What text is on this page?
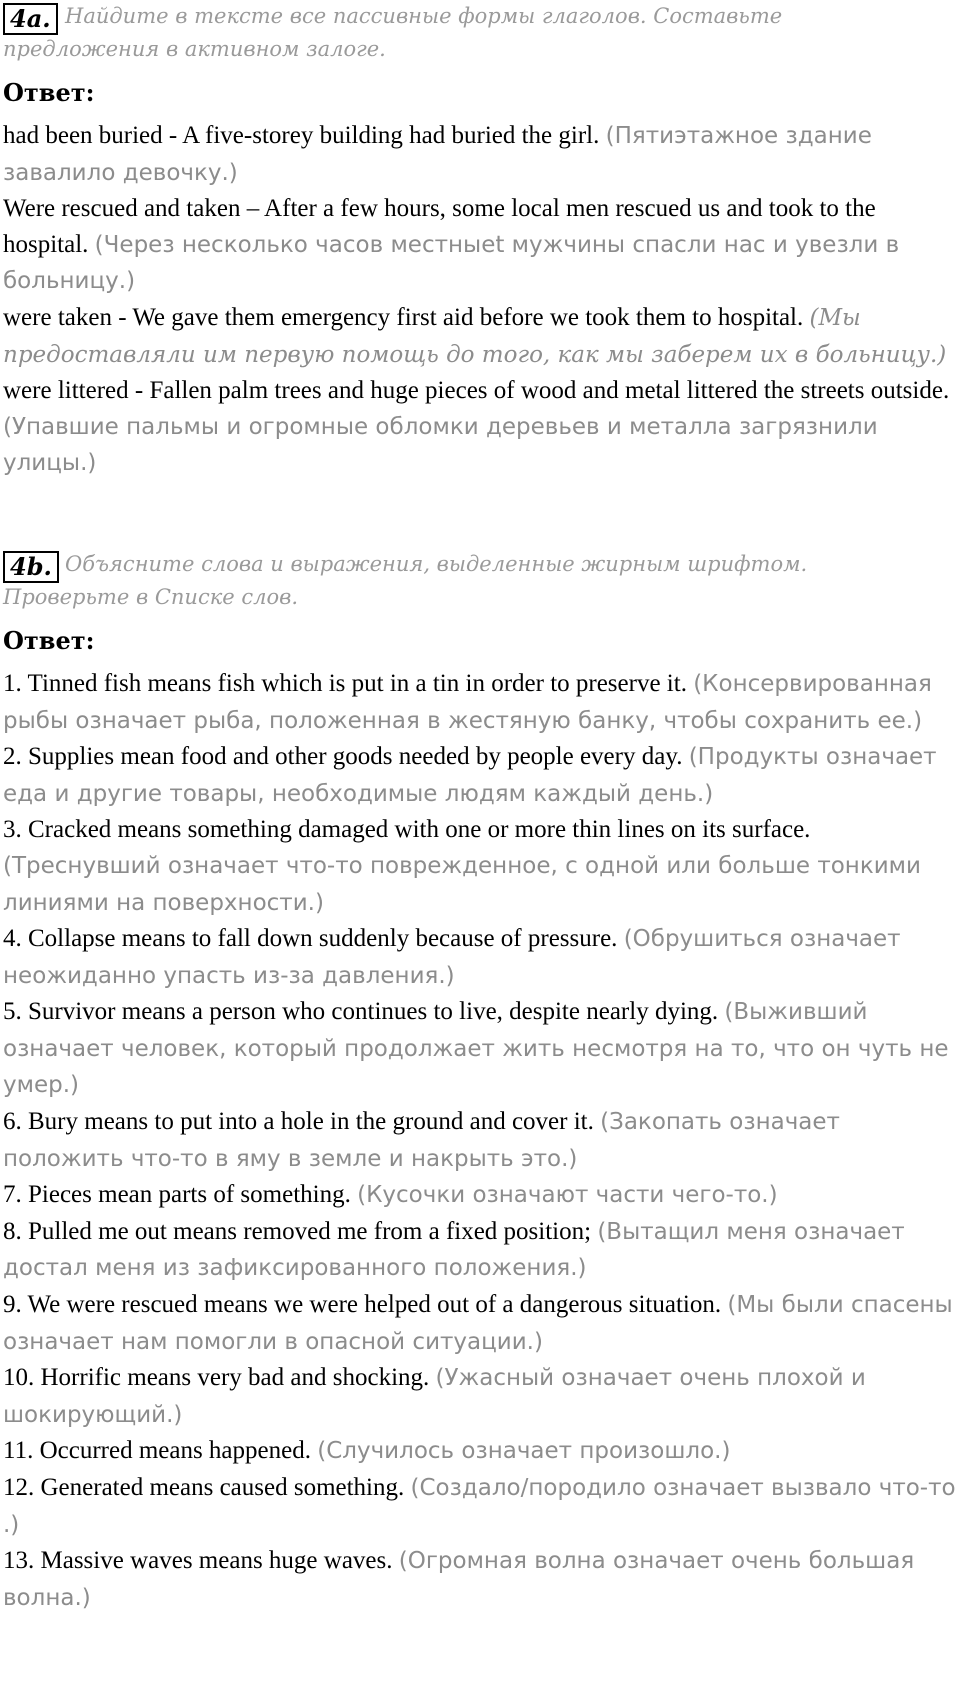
Найдите в тексте все пассивные формы глаголов. Составьте предложения в активном залоге.
4a.
Ответ:
had been buried - A five-storey building had buried the girl. (Пятиэтажное здание завалило девочку.)
Were rescued and taken – After a few hours, some local men rescued us and took to the hospital. (Через несколько часов местныеt мужчины спасли нас и увезли в больницу.)
were taken - We gave them emergency first aid before we took them to hospital. (Мы предоставляли им первую помощь до того, как мы заберем их в больницу.)
were littered - Fallen palm trees and huge pieces of wood and metal littered the streets outside. (Упавшие пальмы и огромные обломки деревьев и металла загрязнили улицы.)
Объясните слова и выражения, выделенные жирным шрифтом. Проверьте в Списке слов.
4b.
Ответ:
1. Tinned fish means fish which is put in a tin in order to preserve it. (Консервированная рыбы означает рыба, положенная в жестяную банку, чтобы сохранить ее.)
2. Supplies mean food and other goods needed by people every day. (Продукты означает еда и другие товары, необходимые людям каждый день.)
3. Cracked means something damaged with one or more thin lines on its surface. (Треснувший означает что-то поврежденное, с одной или больше тонкими линиями на поверхности.)
4. Collapse means to fall down suddenly because of pressure. (Обрушиться означает неожиданно упасть из-за давления.)
5. Survivor means a person who continues to live, despite nearly dying. (Выживший означает человек, который продолжает жить несмотря на то, что он чуть не умер.)
6. Bury means to put into a hole in the ground and cover it. (Закопать означает положить что-то в яму в земле и накрыть это.)
7. Pieces mean parts of something. (Кусочки означают части чего-то.)
8. Pulled me out means removed me from a fixed position; (Вытащил меня означает достал меня из зафиксированного положения.)
9. We were rescued means we were helped out of a dangerous situation. (Мы были спасены означает нам помогли в опасной ситуации.)
10. Horrific means very bad and shocking. (Ужасный означает очень плохой и шокирующий.)
11. Occurred means happened. (Случилось означает произошло.)
12. Generated means caused something. (Создало/породило означает вызвало что-то .)
13. Massive waves means huge waves. (Огромная волна означает очень большая волна.)
